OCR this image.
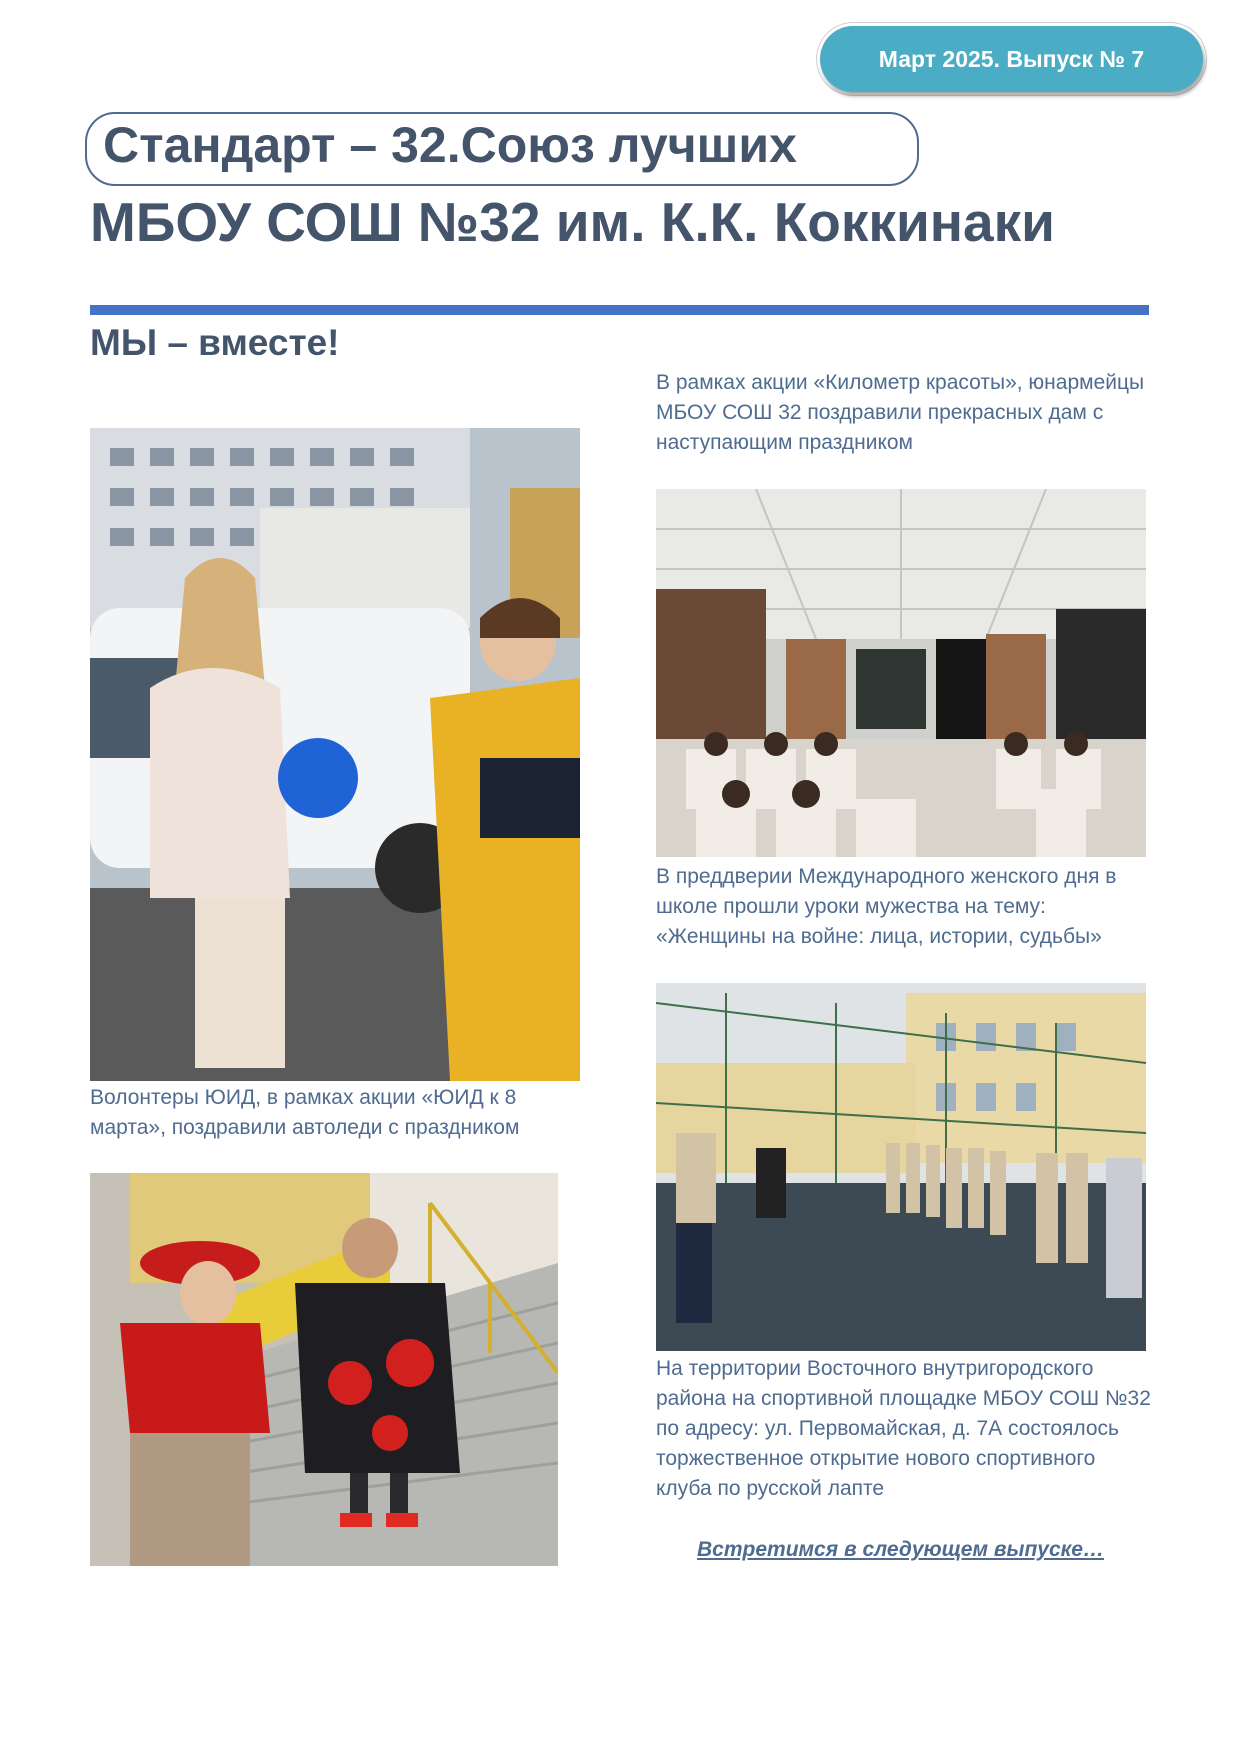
Март 2025. Выпуск № 7
Стандарт – 32.Союз лучших
МБОУ СОШ №32 им. К.К. Коккинаки
МЫ – вместе!

В рамках акции «Километр красоты», юнармейцы МБОУ СОШ 32 поздравили прекрасных дам с наступающим праздником

В преддверии Международного женского дня в школе прошли уроки мужества на тему: «Женщины на войне: лица, истории, судьбы»

Волонтеры ЮИД, в рамках акции «ЮИД к 8 марта», поздравили автоледи с праздником

На территории Восточного внутригородского района на спортивной площадке МБОУ СОШ №32 по адресу: ул. Первомайская, д. 7А состоялось торжественное открытие нового спортивного клуба по русской лапте

Встретимся в следующем выпуске…
